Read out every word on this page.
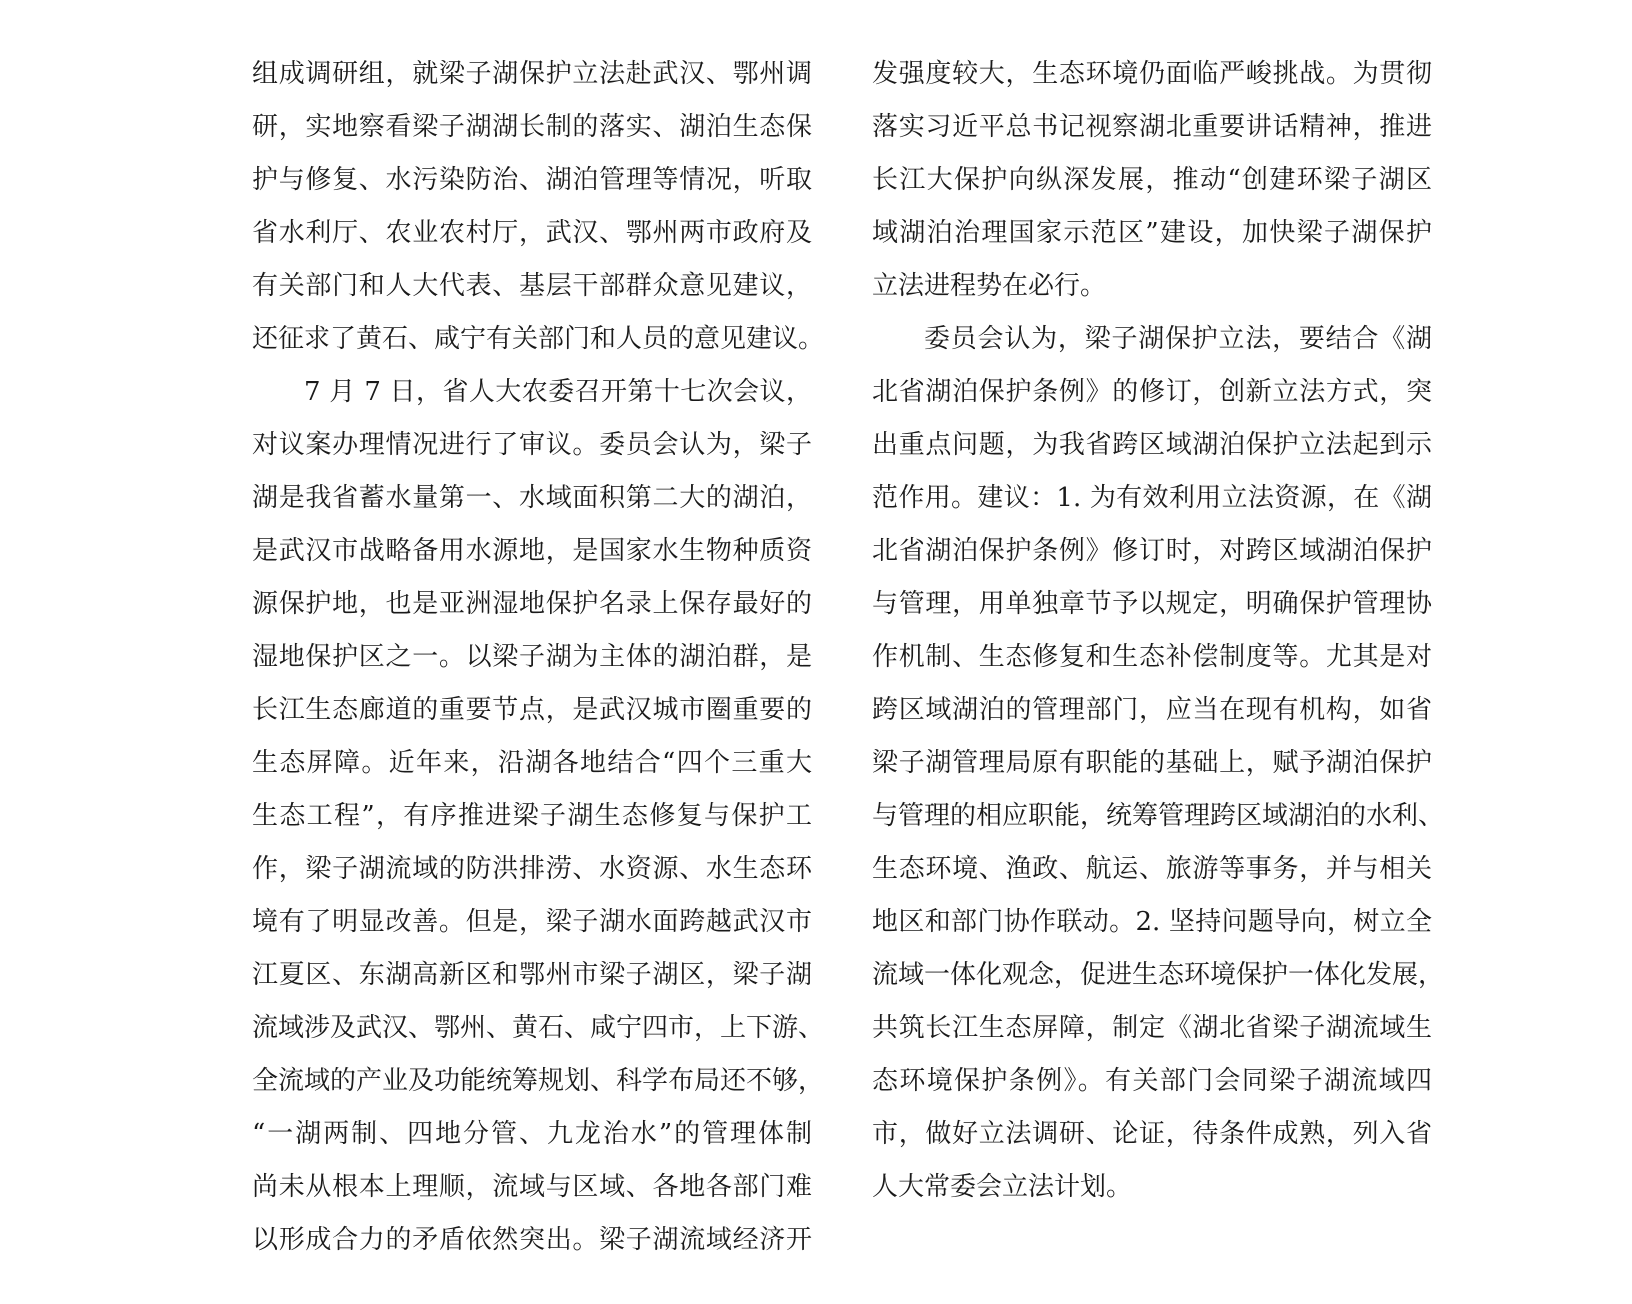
组成调研组，就梁子湖保护立法赴武汉、鄂州调
研，实地察看梁子湖湖长制的落实、湖泊生态保
护与修复、水污染防治、湖泊管理等情况，听取
省水利厅、农业农村厅，武汉、鄂州两市政府及
有关部门和人大代表、基层干部群众意见建议，
还征求了黄石、咸宁有关部门和人员的意见建议。
7 月 7 日，省人大农委召开第十七次会议，
对议案办理情况进行了审议。委员会认为，梁子
湖是我省蓄水量第一、水域面积第二大的湖泊，
是武汉市战略备用水源地，是国家水生物种质资
源保护地，也是亚洲湿地保护名录上保存最好的
湿地保护区之一。以梁子湖为主体的湖泊群，是
长江生态廊道的重要节点，是武汉城市圈重要的
生态屏障。近年来，沿湖各地结合“四个三重大
生态工程”，有序推进梁子湖生态修复与保护工
作，梁子湖流域的防洪排涝、水资源、水生态环
境有了明显改善。但是，梁子湖水面跨越武汉市
江夏区、东湖高新区和鄂州市梁子湖区，梁子湖
流域涉及武汉、鄂州、黄石、咸宁四市，上下游、
全流域的产业及功能统筹规划、科学布局还不够，
“一湖两制、四地分管、九龙治水”的管理体制
尚未从根本上理顺，流域与区域、各地各部门难
以形成合力的矛盾依然突出。梁子湖流域经济开
发强度较大，生态环境仍面临严峻挑战。为贯彻
落实习近平总书记视察湖北重要讲话精神，推进
长江大保护向纵深发展，推动“创建环梁子湖区
域湖泊治理国家示范区”建设，加快梁子湖保护
立法进程势在必行。
委员会认为，梁子湖保护立法，要结合《湖
北省湖泊保护条例》的修订，创新立法方式，突
出重点问题，为我省跨区域湖泊保护立法起到示
范作用。建议：1. 为有效利用立法资源，在《湖
北省湖泊保护条例》修订时，对跨区域湖泊保护
与管理，用单独章节予以规定，明确保护管理协
作机制、生态修复和生态补偿制度等。尤其是对
跨区域湖泊的管理部门，应当在现有机构，如省
梁子湖管理局原有职能的基础上，赋予湖泊保护
与管理的相应职能，统筹管理跨区域湖泊的水利、
生态环境、渔政、航运、旅游等事务，并与相关
地区和部门协作联动。2. 坚持问题导向，树立全
流域一体化观念，促进生态环境保护一体化发展，
共筑长江生态屏障，制定《湖北省梁子湖流域生
态环境保护条例》。有关部门会同梁子湖流域四
市，做好立法调研、论证，待条件成熟，列入省
人大常委会立法计划。
